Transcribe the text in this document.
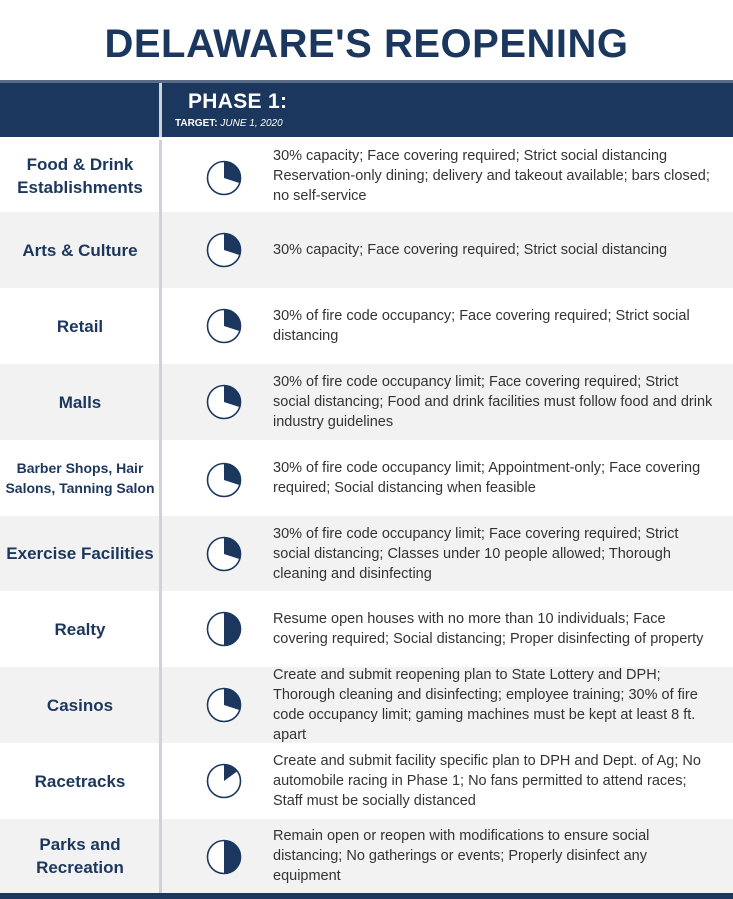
DELAWARE'S REOPENING
PHASE 1:
TARGET: JUNE 1, 2020
Food & Drink Establishments
30% capacity; Face covering required; Strict social distancing Reservation-only dining; delivery and takeout available; bars closed; no self-service
Arts & Culture	30% capacity; Face covering required; Strict social distancing
Retail
30% of fire code occupancy; Face covering required; Strict social distancing
Malls
30% of fire code occupancy limit; Face covering required; Strict social distancing; Food and drink facilities must follow food and drink industry guidelines
Barber Shops, Hair Salons, Tanning Salon
30% of fire code occupancy limit; Appointment-only; Face covering required; Social distancing when feasible
Exercise Facilities
30% of fire code occupancy limit; Face covering required; Strict social distancing; Classes under 10 people allowed; Thorough cleaning and disinfecting
Realty
Resume open houses with no more than 10 individuals; Face covering required; Social distancing; Proper disinfecting of property
Casinos
Create and submit reopening plan to State Lottery and DPH; Thorough cleaning and disinfecting; employee training; 30% of fire code occupancy limit; gaming machines must be kept at least 8 ft. apart
Racetracks
Create and submit facility specific plan to DPH and Dept. of Ag; No automobile racing in Phase 1; No fans permitted to attend races; Staff must be socially distanced
Parks and Recreation
Remain open or reopen with modifications to ensure social distancing; No gatherings or events; Properly disinfect any equipment
